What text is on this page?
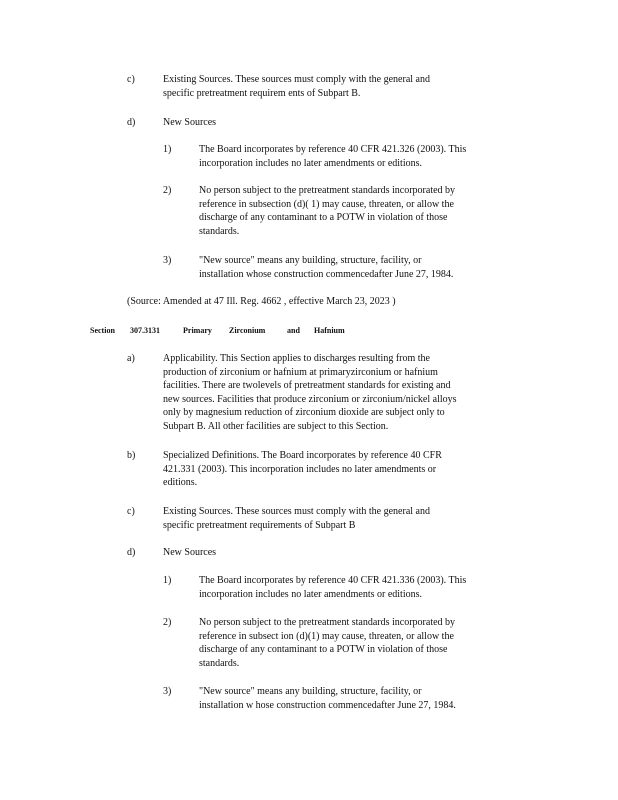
c)	Existing Sources. These sources must comply with the general and
specific pretreatment requirem ents of Subpart B.
d)	New Sources
1)	The Board incorporates by reference 40 CFR 421.326 (2003). This
incorporation includes no later amendments or editions.
2)	No person subject to the pretreatment standards incorporated by
reference in subsection (d)( 1) may cause, threaten, or allow the
discharge of any contaminant to a POTW in violation of those
standards.
3)	"New source" means any building, structure, facility, or
installation whose construction commencedafter June 27, 1984.
(Source: Amended at 47 Ill. Reg. 4662 , effective March 23, 2023 )
Section 307.3131	Primary Zirconium	and Hafnium
a)	Applicability. This Section applies to discharges resulting from the
production of zirconium or hafnium at primaryzirconium or hafnium
facilities. There are twolevels of pretreatment standards for existing and
new sources. Facilities that produce zirconium or zirconium/nickel alloys
only by magnesium reduction of zirconium dioxide are subject only to
Subpart B. All other facilities are subject to this Section.
b)	Specialized Definitions. The Board incorporates by reference 40 CFR
421.331 (2003). This incorporation includes no later amendments or
editions.
c)	Existing Sources. These sources must comply with the general and
specific pretreatment requirements of Subpart B
d)	New Sources
1)	The Board incorporates by reference 40 CFR 421.336 (2003). This
incorporation includes no later amendments or editions.
2)	No person subject to the pretreatment standards incorporated by
reference in subsect ion (d)(1) may cause, threaten, or allow the
discharge of any contaminant to a POTW in violation of those
standards.
3)	"New source" means any building, structure, facility, or
installation w hose construction commencedafter June 27, 1984.
